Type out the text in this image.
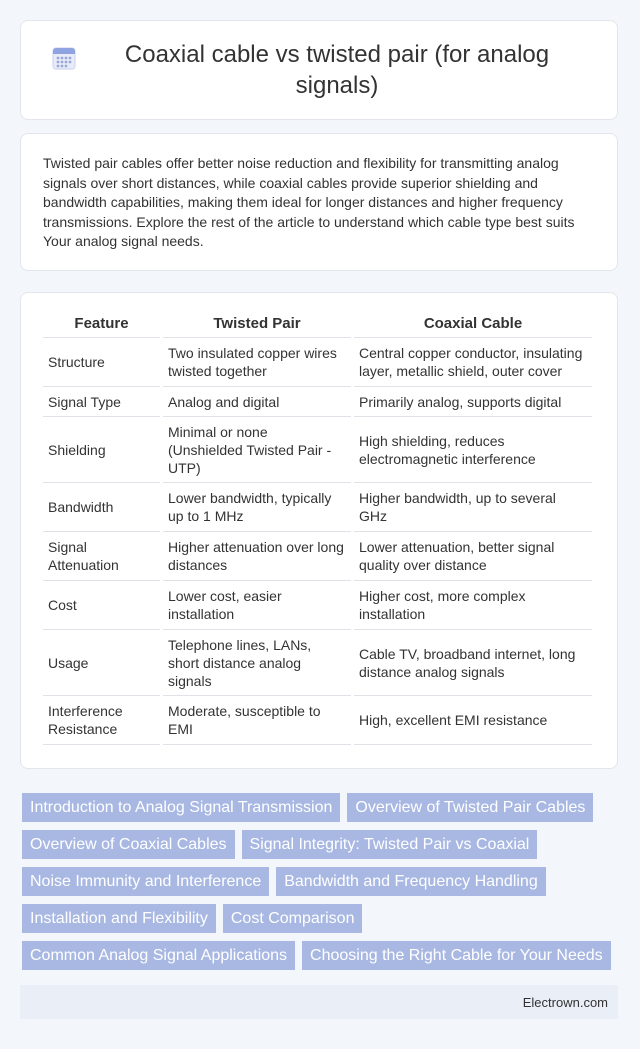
Coaxial cable vs twisted pair (for analog signals)

Twisted pair cables offer better noise reduction and flexibility for transmitting analog signals over short distances, while coaxial cables provide superior shielding and bandwidth capabilities, making them ideal for longer distances and higher frequency transmissions. Explore the rest of the article to understand which cable type best suits Your analog signal needs.

Feature	Twisted Pair	Coaxial Cable
Structure	Two insulated copper wires twisted together	Central copper conductor, insulating layer, metallic shield, outer cover
Signal Type	Analog and digital	Primarily analog, supports digital
Shielding	Minimal or none (Unshielded Twisted Pair - UTP)	High shielding, reduces electromagnetic interference
Bandwidth	Lower bandwidth, typically up to 1 MHz	Higher bandwidth, up to several GHz
Signal Attenuation	Higher attenuation over long distances	Lower attenuation, better signal quality over distance
Cost	Lower cost, easier installation	Higher cost, more complex installation
Usage	Telephone lines, LANs, short distance analog signals	Cable TV, broadband internet, long distance analog signals
Interference Resistance	Moderate, susceptible to EMI	High, excellent EMI resistance
Introduction to Analog Signal Transmission	Overview of Twisted Pair Cables
Overview of Coaxial Cables	Signal Integrity: Twisted Pair vs Coaxial
Noise Immunity and Interference	Bandwidth and Frequency Handling
Installation and Flexibility	Cost Comparison
Common Analog Signal Applications	Choosing the Right Cable for Your Needs
Electrown.com
